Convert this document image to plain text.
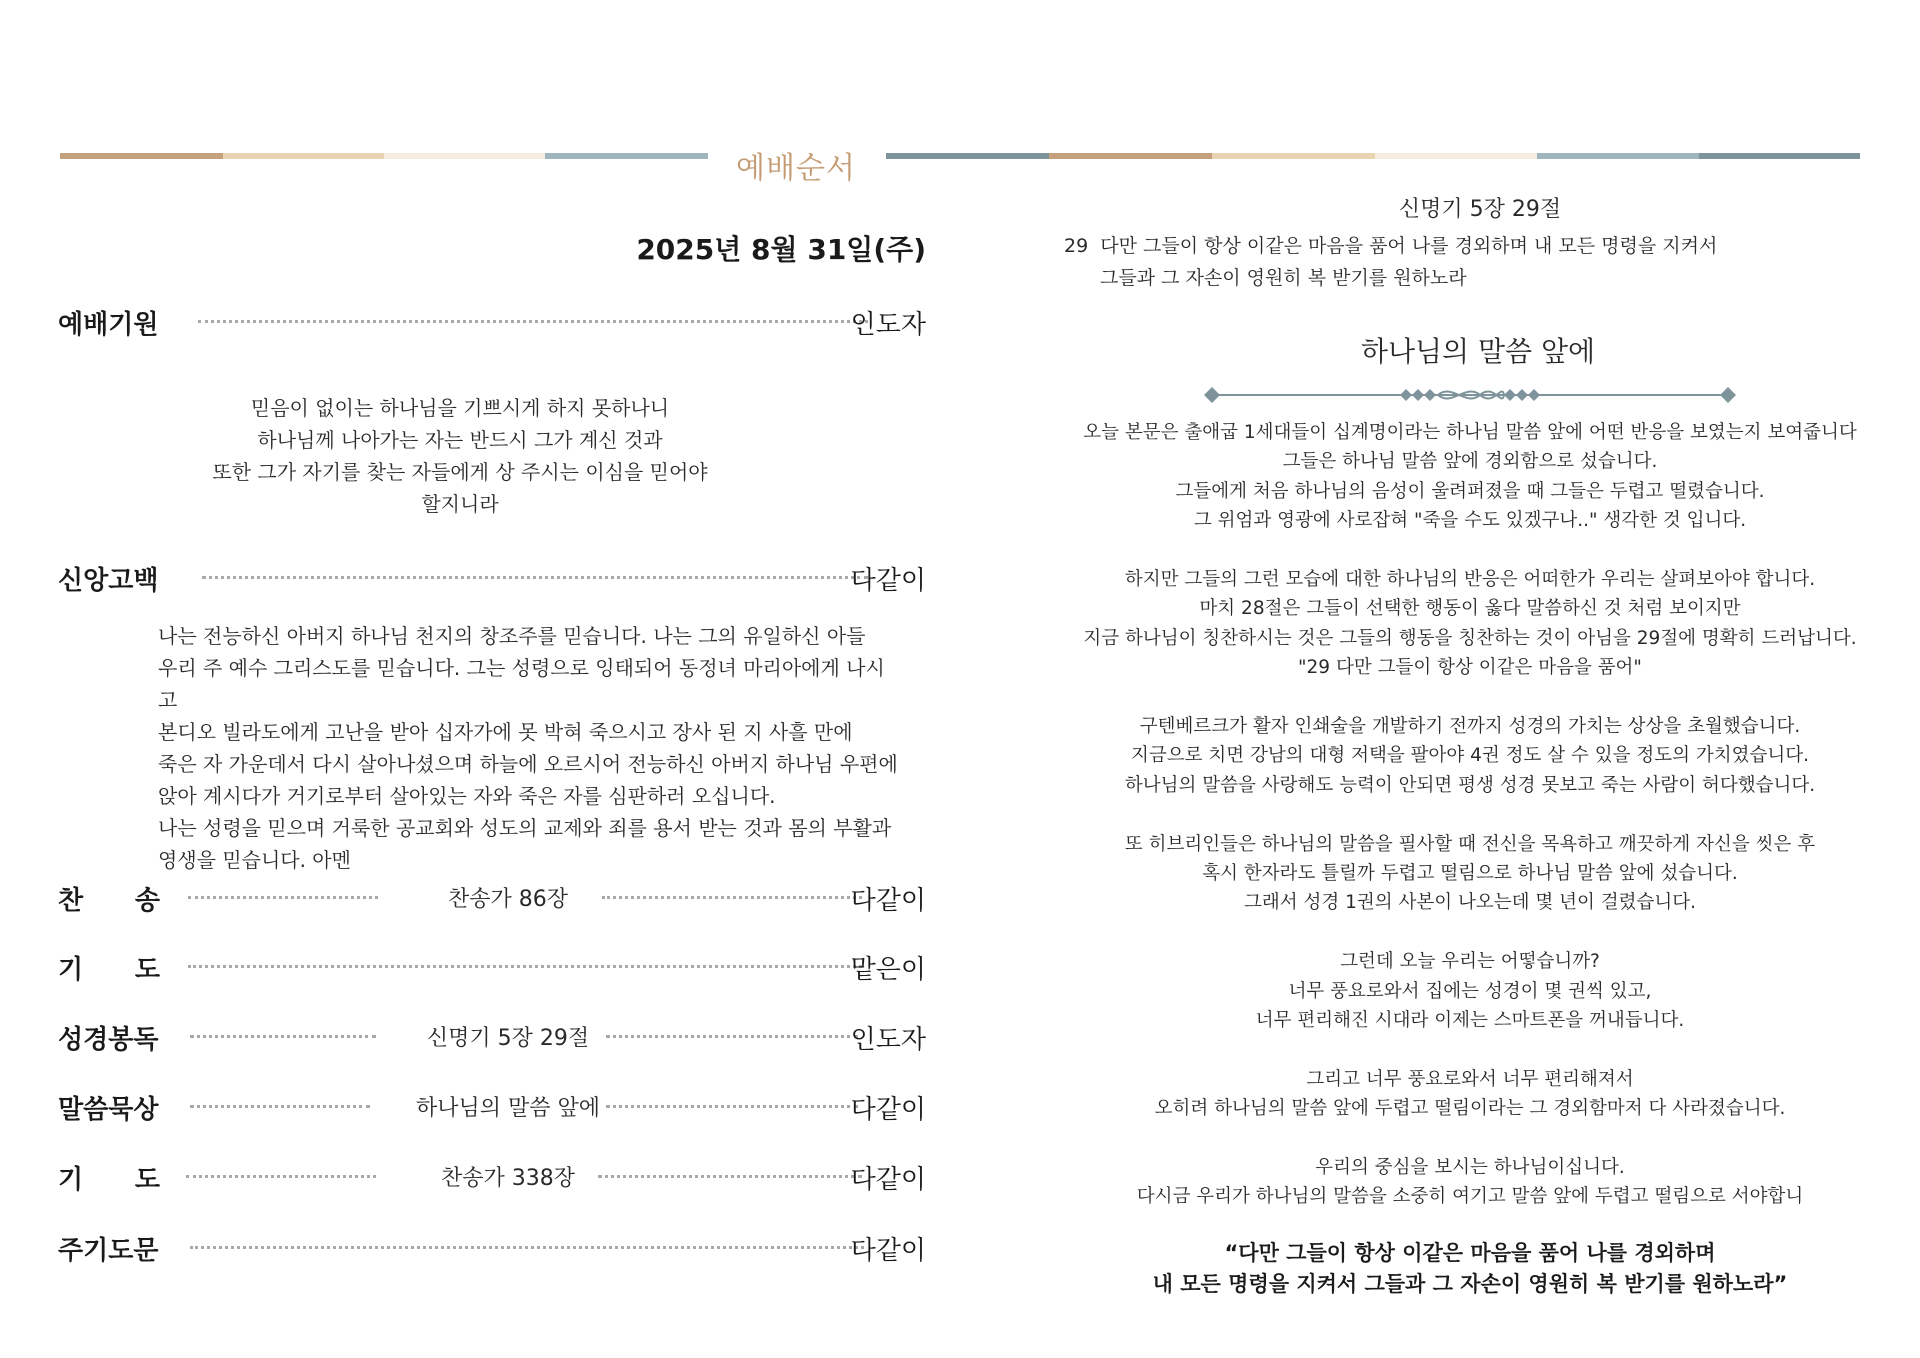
예배순서
2025년 8월 31일(주)
예배기원	인도자
믿음이 없이는 하나님을 기쁘시게 하지 못하나니
하나님께 나아가는 자는 반드시 그가 계신 것과
또한 그가 자기를 찾는 자들에게 상 주시는 이심을 믿어야 할지니라
신앙고백	다같이
나는 전능하신 아버지 하나님 천지의 창조주를 믿습니다. 나는 그의 유일하신 아들
우리 주 예수 그리스도를 믿습니다. 그는 성령으로 잉태되어 동정녀 마리아에게 나시고
본디오 빌라도에게 고난을 받아 십자가에 못 박혀 죽으시고 장사 된 지 사흘 만에
죽은 자 가운데서 다시 살아나셨으며 하늘에 오르시어 전능하신 아버지 하나님 우편에
앉아 계시다가 거기로부터 살아있는 자와 죽은 자를 심판하러 오십니다.
나는 성령을 믿으며 거룩한 공교회와 성도의 교제와 죄를 용서 받는 것과 몸의 부활과
영생을 믿습니다. 아멘
찬 송	찬송가 86장	다같이
기 도	맡은이
성경봉독	신명기 5장 29절	인도자
말씀묵상	하나님의 말씀 앞에	다같이
기 도	찬송가 338장	다같이
주기도문	다같이
신명기 5장 29절
29 다만 그들이 항상 이같은 마음을 품어 나를 경외하며 내 모든 명령을 지켜서
그들과 그 자손이 영원히 복 받기를 원하노라
하나님의 말씀 앞에
오늘 본문은 출애굽 1세대들이 십계명이라는 하나님 말씀 앞에 어떤 반응을 보였는지 보여줍니다
그들은 하나님 말씀 앞에 경외함으로 섰습니다.
그들에게 처음 하나님의 음성이 울려퍼졌을 때 그들은 두렵고 떨렸습니다.
그 위엄과 영광에 사로잡혀 "죽을 수도 있겠구나.." 생각한 것 입니다.
하지만 그들의 그런 모습에 대한 하나님의 반응은 어떠한가 우리는 살펴보아야 합니다.
마치 28절은 그들이 선택한 행동이 옳다 말씀하신 것 처럼 보이지만
지금 하나님이 칭찬하시는 것은 그들의 행동을 칭찬하는 것이 아님을 29절에 명확히 드러납니다.
"29 다만 그들이 항상 이같은 마음을 품어"
구텐베르크가 활자 인쇄술을 개발하기 전까지 성경의 가치는 상상을 초월했습니다.
지금으로 치면 강남의 대형 저택을 팔아야 4권 정도 살 수 있을 정도의 가치였습니다.
하나님의 말씀을 사랑해도 능력이 안되면 평생 성경 못보고 죽는 사람이 허다했습니다.
또 히브리인들은 하나님의 말씀을 필사할 때 전신을 목욕하고 깨끗하게 자신을 씻은 후
혹시 한자라도 틀릴까 두렵고 떨림으로 하나님 말씀 앞에 섰습니다.
그래서 성경 1권의 사본이 나오는데 몇 년이 걸렸습니다.
그런데 오늘 우리는 어떻습니까?
너무 풍요로와서 집에는 성경이 몇 권씩 있고,
너무 편리해진 시대라 이제는 스마트폰을 꺼내듭니다.
그리고 너무 풍요로와서 너무 편리해져서
오히려 하나님의 말씀 앞에 두렵고 떨림이라는 그 경외함마저 다 사라졌습니다.
우리의 중심을 보시는 하나님이십니다.
다시금 우리가 하나님의 말씀을 소중히 여기고 말씀 앞에 두렵고 떨림으로 서야합니
“다만 그들이 항상 이같은 마음을 품어 나를 경외하며
내 모든 명령을 지켜서 그들과 그 자손이 영원히 복 받기를 원하노라”
